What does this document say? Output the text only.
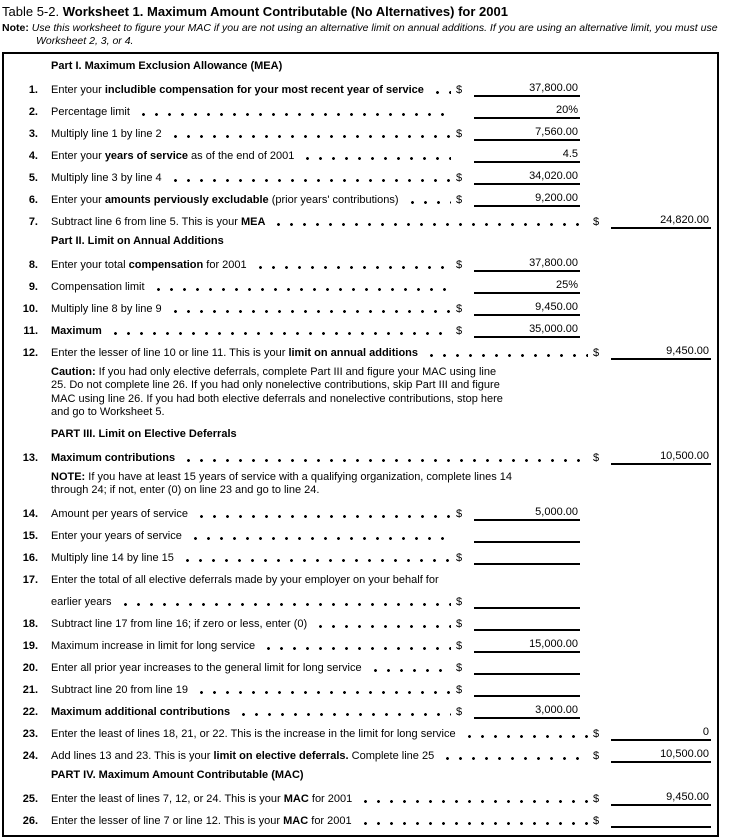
Table 5-2. Worksheet 1. Maximum Amount Contributable (No Alternatives) for 2001
Note: Use this worksheet to figure your MAC if you are not using an alternative limit on annual additions. If you are using an alternative limit, you must use Worksheet 2, 3, or 4.
Part I. Maximum Exclusion Allowance (MEA)
1. Enter your includible compensation for your most recent year of service	$	37,800.00
2. Percentage limit	20%
3. Multiply line 1 by line 2	$	7,560.00
4. Enter your years of service as of the end of 2001	4.5
5. Multiply line 3 by line 4	$	34,020.00
6. Enter your amounts perviously excludable (prior years' contributions)	$	9,200.00
7. Subtract line 6 from line 5. This is your MEA	$	24,820.00
Part II. Limit on Annual Additions
8. Enter your total compensation for 2001	$	37,800.00
9. Compensation limit	25%
10. Multiply line 8 by line 9	$	9,450.00
11. Maximum	$	35,000.00
12. Enter the lesser of line 10 or line 11. This is your limit on annual additions	$	9,450.00
Caution: If you had only elective deferrals, complete Part III and figure your MAC using line 25. Do not complete line 26. If you had only nonelective contributions, skip Part III and figure MAC using line 26. If you had both elective deferrals and nonelective contributions, stop here and go to Worksheet 5.
PART III. Limit on Elective Deferrals
13. Maximum contributions	$	10,500.00
NOTE: If you have at least 15 years of service with a qualifying organization, complete lines 14 through 24; if not, enter (0) on line 23 and go to line 24.
14. Amount per years of service	$	5,000.00
15. Enter your years of service
16. Multiply line 14 by line 15	$
17. Enter the total of all elective deferrals made by your employer on your behalf for
earlier years	$
18. Subtract line 17 from line 16; if zero or less, enter (0)	$
19. Maximum increase in limit for long service	$	15,000.00
20. Enter all prior year increases to the general limit for long service	$
21. Subtract line 20 from line 19	$
22. Maximum additional contributions	$	3,000.00
23. Enter the least of lines 18, 21, or 22. This is the increase in the limit for long service	$	0
24. Add lines 13 and 23. This is your limit on elective deferrals. Complete line 25	$	10,500.00
PART IV. Maximum Amount Contributable (MAC)
25. Enter the least of lines 7, 12, or 24. This is your MAC for 2001	$	9,450.00
26. Enter the lesser of line 7 or line 12. This is your MAC for 2001	$
